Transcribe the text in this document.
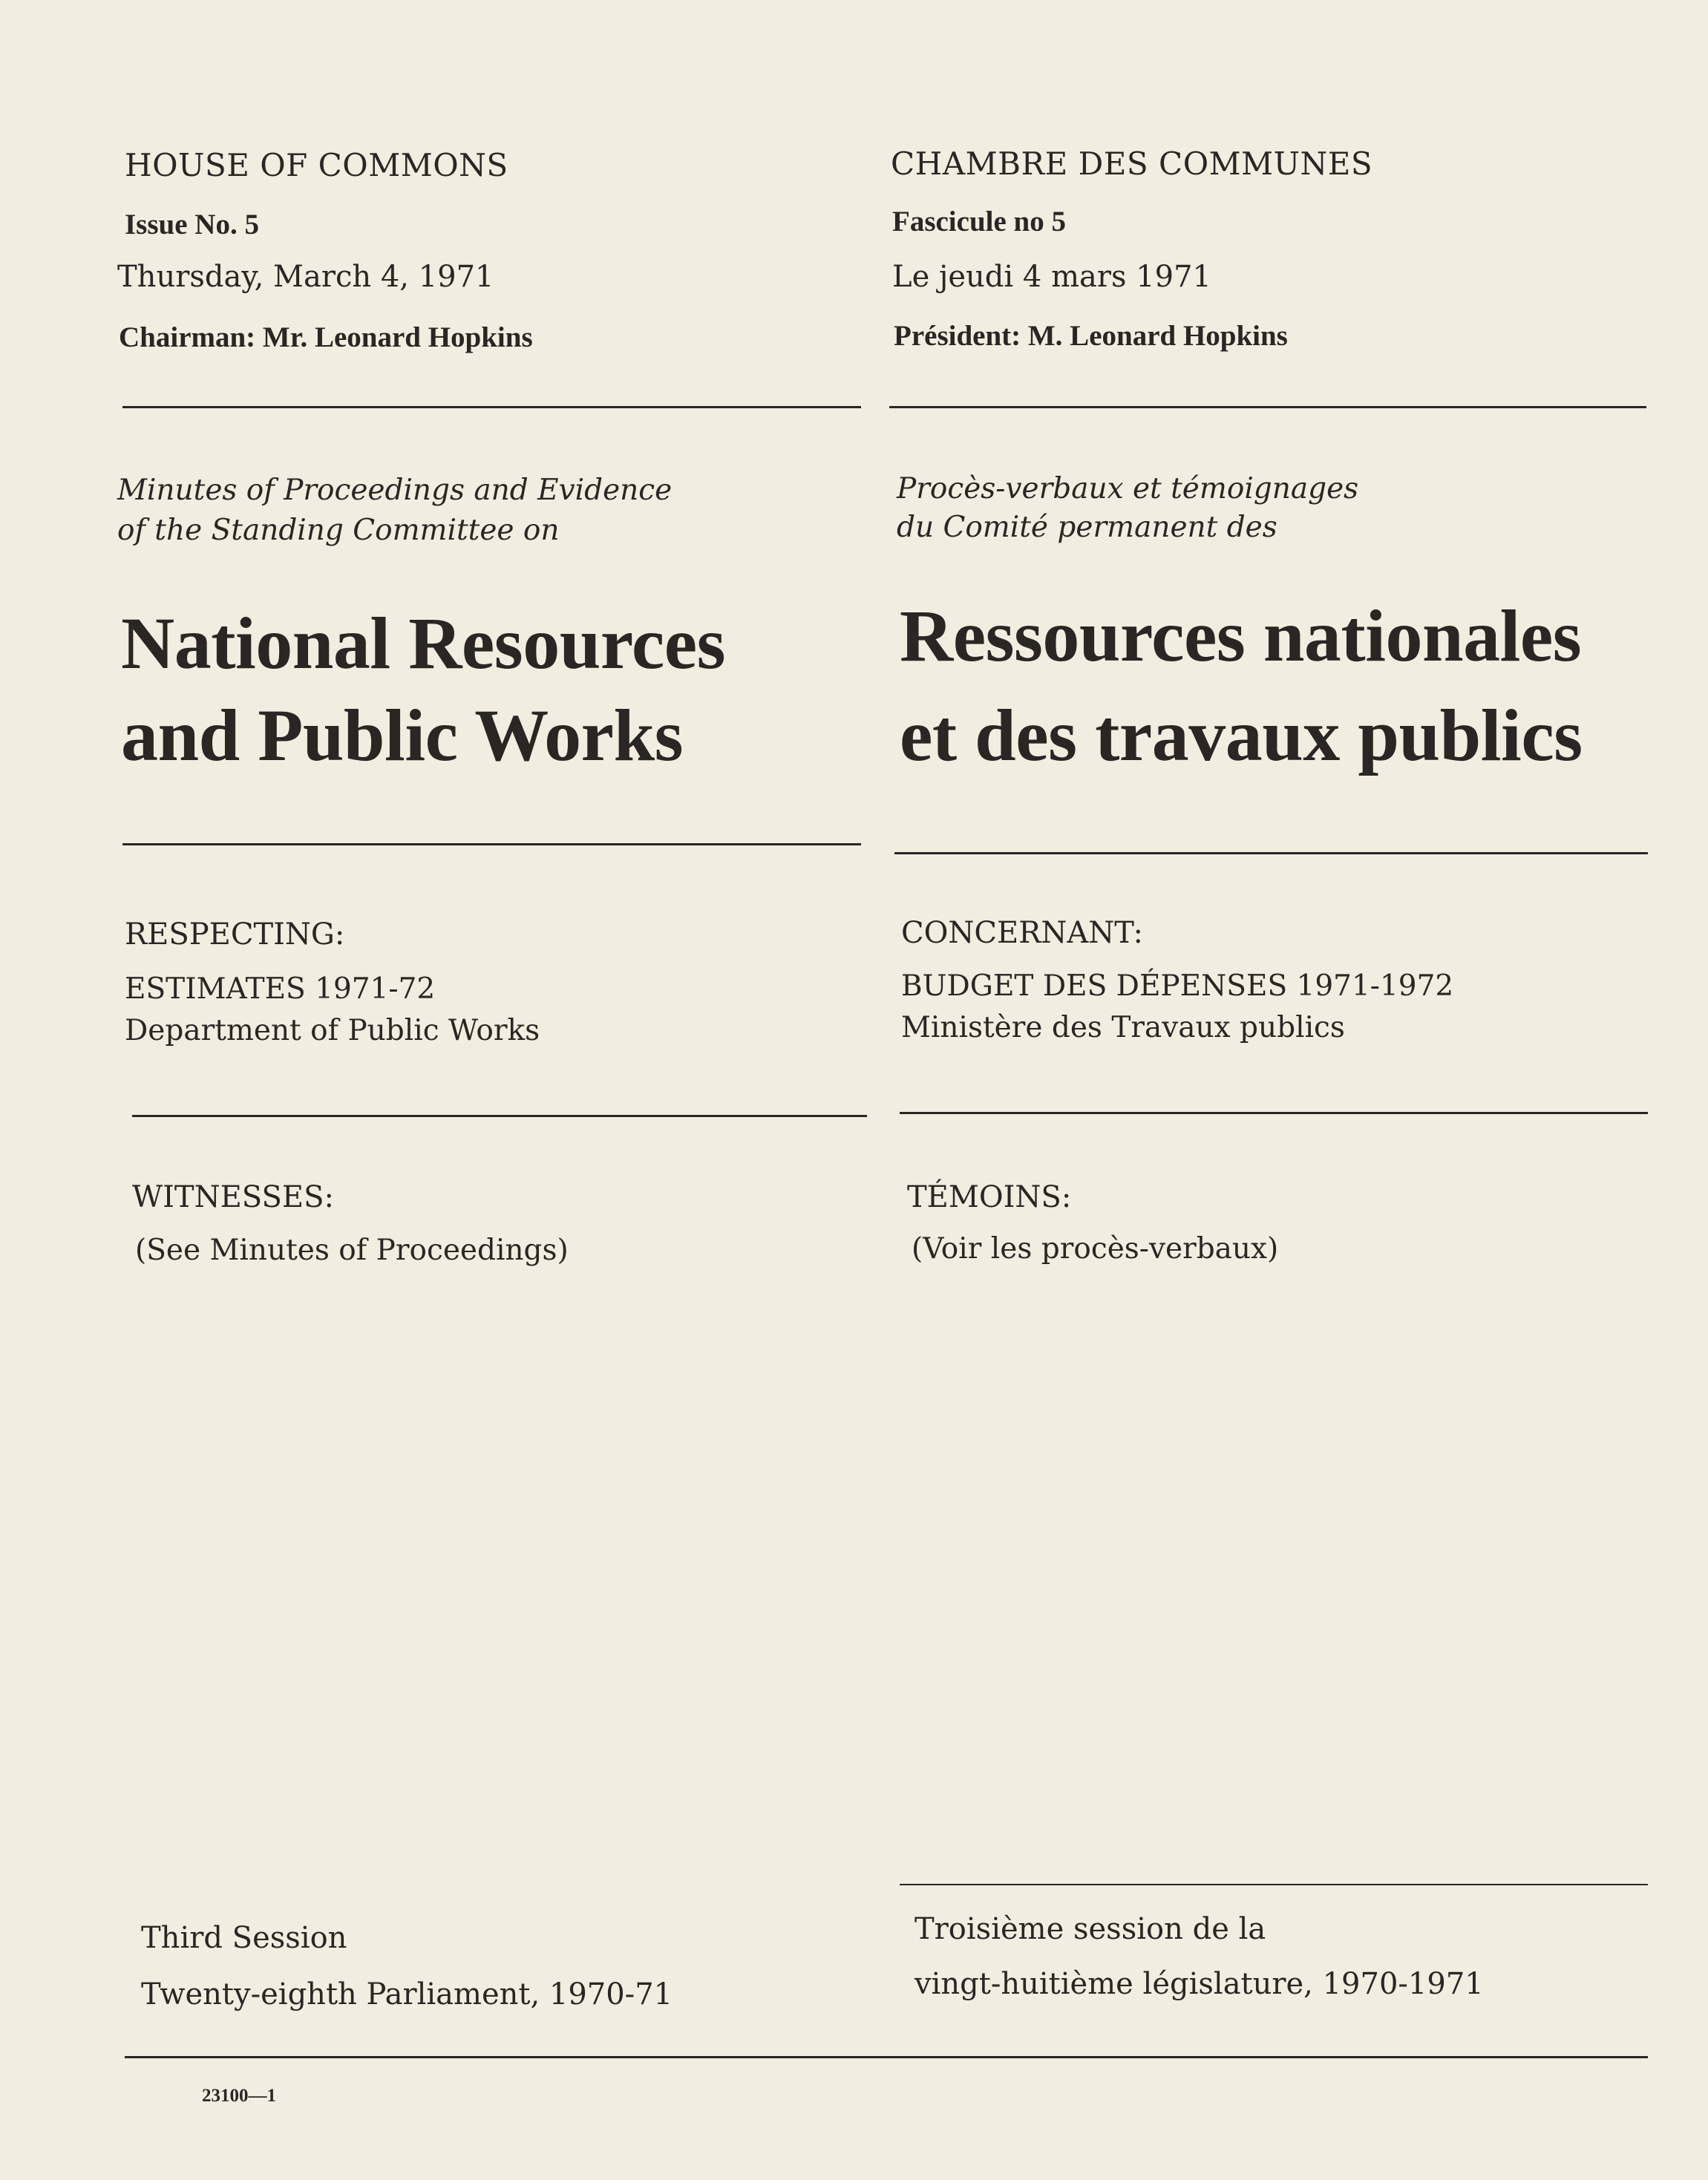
HOUSE OF COMMONS
Issue No. 5
Thursday, March 4, 1971
Chairman: Mr. Leonard Hopkins
Minutes of Proceedings and Evidence
of the Standing Committee on
National Resources
and Public Works
RESPECTING:
ESTIMATES 1971-72
Department of Public Works
WITNESSES:
(See Minutes of Proceedings)
Third Session
Twenty-eighth Parliament, 1970-71
CHAMBRE DES COMMUNES
Fascicule no 5
Le jeudi 4 mars 1971
Président: M. Leonard Hopkins
Procès-verbaux et témoignages
du Comité permanent des
Ressources nationales
et des travaux publics
CONCERNANT:
BUDGET DES DÉPENSES 1971-1972
Ministère des Travaux publics
TÉMOINS:
(Voir les procès-verbaux)
Troisième session de la
vingt-huitième législature, 1970-1971
23100—1
